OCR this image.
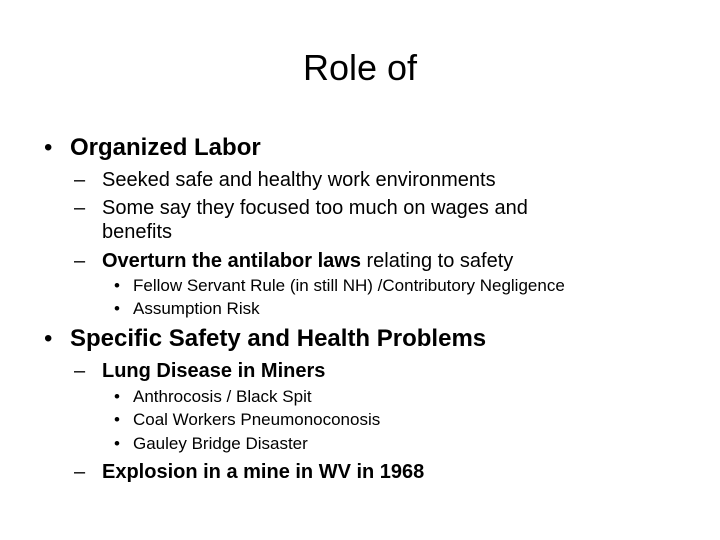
Role of
• Organized Labor
– Seeked safe and healthy work environments
– Some say they focused too much on wages and
benefits
– Overturn the antilabor laws relating to safety
• Fellow Servant Rule (in still NH) /Contributory Negligence
• Assumption Risk
• Specific Safety and Health Problems
– Lung Disease in Miners
• Anthrocosis / Black Spit
• Coal Workers Pneumonoconosis
• Gauley Bridge Disaster
– Explosion in a mine in WV in 1968
